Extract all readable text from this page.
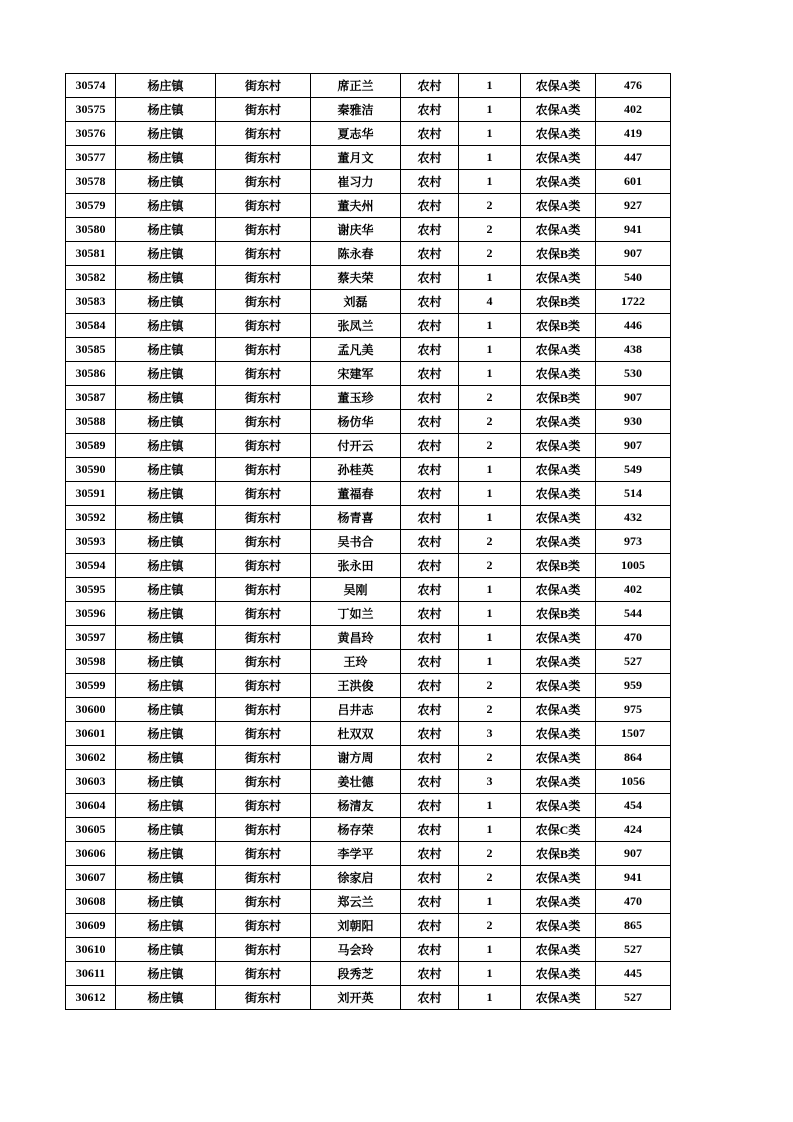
30574	杨庄镇	街东村	席正兰	农村	1	农保A类	476
30575	杨庄镇	街东村	秦雅洁	农村	1	农保A类	402
30576	杨庄镇	街东村	夏志华	农村	1	农保A类	419
30577	杨庄镇	街东村	董月文	农村	1	农保A类	447
30578	杨庄镇	街东村	崔习力	农村	1	农保A类	601
30579	杨庄镇	街东村	董夫州	农村	2	农保A类	927
30580	杨庄镇	街东村	谢庆华	农村	2	农保A类	941
30581	杨庄镇	街东村	陈永春	农村	2	农保B类	907
30582	杨庄镇	街东村	蔡夫荣	农村	1	农保A类	540
30583	杨庄镇	街东村	刘磊	农村	4	农保B类	1722
30584	杨庄镇	街东村	张凤兰	农村	1	农保B类	446
30585	杨庄镇	街东村	孟凡美	农村	1	农保A类	438
30586	杨庄镇	街东村	宋建军	农村	1	农保A类	530
30587	杨庄镇	街东村	董玉珍	农村	2	农保B类	907
30588	杨庄镇	街东村	杨仿华	农村	2	农保A类	930
30589	杨庄镇	街东村	付开云	农村	2	农保A类	907
30590	杨庄镇	街东村	孙桂英	农村	1	农保A类	549
30591	杨庄镇	街东村	董福春	农村	1	农保A类	514
30592	杨庄镇	街东村	杨青喜	农村	1	农保A类	432
30593	杨庄镇	街东村	吴书合	农村	2	农保A类	973
30594	杨庄镇	街东村	张永田	农村	2	农保B类	1005
30595	杨庄镇	街东村	吴刚	农村	1	农保A类	402
30596	杨庄镇	街东村	丁如兰	农村	1	农保B类	544
30597	杨庄镇	街东村	黄昌玲	农村	1	农保A类	470
30598	杨庄镇	街东村	王玲	农村	1	农保A类	527
30599	杨庄镇	街东村	王洪俊	农村	2	农保A类	959
30600	杨庄镇	街东村	吕井志	农村	2	农保A类	975
30601	杨庄镇	街东村	杜双双	农村	3	农保A类	1507
30602	杨庄镇	街东村	谢方周	农村	2	农保A类	864
30603	杨庄镇	街东村	姜壮德	农村	3	农保A类	1056
30604	杨庄镇	街东村	杨清友	农村	1	农保A类	454
30605	杨庄镇	街东村	杨存荣	农村	1	农保C类	424
30606	杨庄镇	街东村	李学平	农村	2	农保B类	907
30607	杨庄镇	街东村	徐家启	农村	2	农保A类	941
30608	杨庄镇	街东村	郑云兰	农村	1	农保A类	470
30609	杨庄镇	街东村	刘朝阳	农村	2	农保A类	865
30610	杨庄镇	街东村	马会玲	农村	1	农保A类	527
30611	杨庄镇	街东村	段秀芝	农村	1	农保A类	445
30612	杨庄镇	街东村	刘开英	农村	1	农保A类	527
